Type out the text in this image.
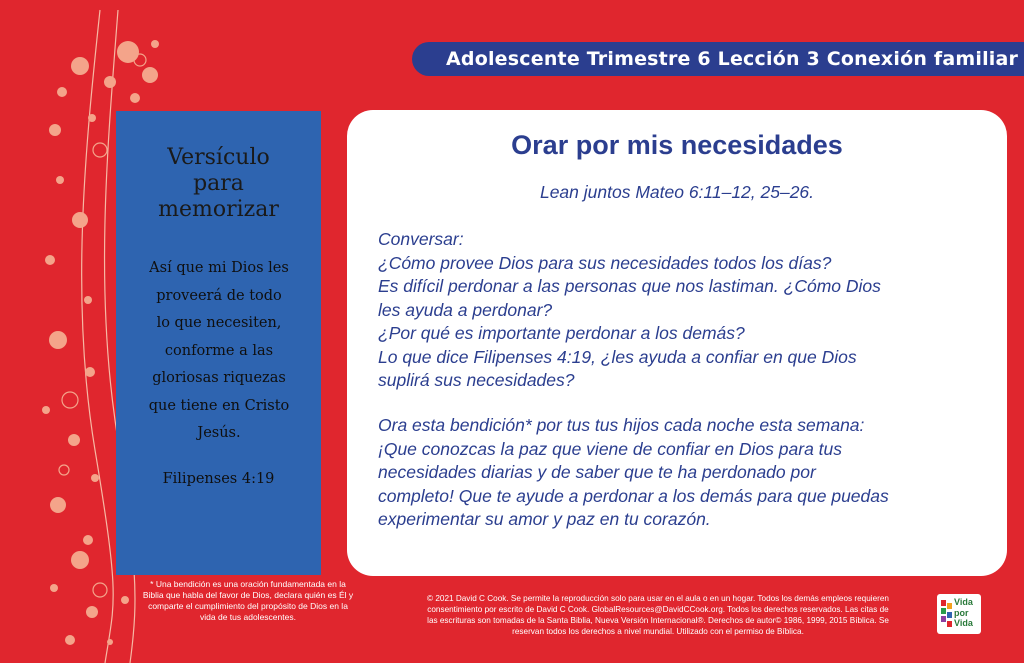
Adolescente Trimestre 6 Lección 3 Conexión familiar
Versículo
para
memorizar
Así que mi Dios les
proveerá de todo
lo que necesiten,
conforme a las
gloriosas riquezas
que tiene en Cristo
Jesús.
Filipenses 4:19
* Una bendición es una oración fundamentada en la
Biblia que habla del favor de Dios, declara quién es Él y
comparte el cumplimiento del propósito de Dios en la
vida de tus adolescentes.
Orar por mis necesidades
Lean juntos Mateo 6:11–12, 25–26.

Conversar:

¿Cómo provee Dios para sus necesidades todos los días?

Es difícil perdonar a las personas que nos lastiman. ¿Cómo Dios

les ayuda a perdonar?

¿Por qué es importante perdonar a los demás?

Lo que dice Filipenses 4:19, ¿les ayuda a confiar en que Dios

suplirá sus necesidades?

Ora esta bendición* por tus tus hijos cada noche esta semana:

¡Que conozcas la paz que viene de confiar en Dios para tus

necesidades diarias y de saber que te ha perdonado por

completo! Que te ayude a perdonar a los demás para que puedas

experimentar su amor y paz en tu corazón.

© 2021 David C Cook. Se permite la reproducción solo para usar en el aula o en un hogar. Todos los demás empleos requieren
consentimiento por escrito de David C Cook. GlobalResources@DavidCCook.org. Todos los derechos reservados. Las citas de
las escrituras son tomadas de la Santa Biblia, Nueva Versión Internacional®. Derechos de autor© 1986, 1999, 2015 Bíblica. Se
reservan todos los derechos a nivel mundial. Utilizado con el permiso de Bíblica.
Vida
por
Vida
